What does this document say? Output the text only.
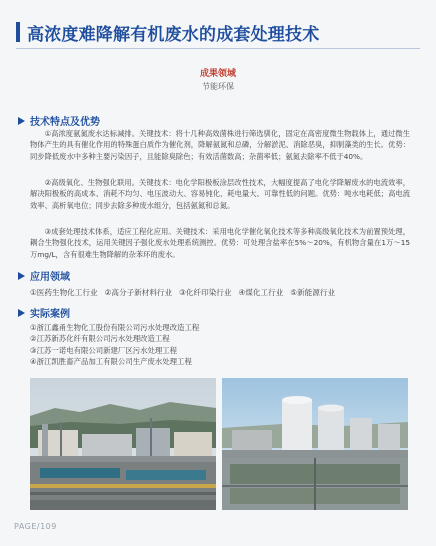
高浓度难降解有机废水的成套处理技术
成果领域
节能环保
技术特点及优势

①高浓度氨氮废水达标减排。关键技术：将十几种高效菌株进行筛选驯化，固定在高密度微生物载体上，通过微生物体产生的具有催化作用的特殊蛋白质作为催化剂，降解氨氮和总磷，分解淤泥、消除恶臭，抑制藻类的生长。优势：同步降低废水中多种主要污染因子，且能除臭除色；有效活菌数高；杂菌率低；氨氮去除率不低于40%。

②高级氧化、生物强化联用。关键技术：电化学阳极板涂层改性技术，大幅度提高了电化学降解废水的电流效率，解决阳极板的高成本、消耗不均匀、电压波动大、容易钝化、耗电量大、可靠性低的问题。优势：吨水电耗低；高电流效率、高析氧电位；同步去除多种废水组分，包括氨氮和总氮。

③成套处理技术体系，适应工程化应用。关键技术：采用电化学催化氧化技术等多种高级氧化技术为前置预处理，耦合生物强化技术，运用关键因子强化废水处理系统测控。优势：可处理含盐率在5%～20%，有机物含量在1万～15万mg/L，含有很难生物降解的杂苯环的废水。

应用领域
①医药生物化工行业 ②高分子新材料行业 ③化纤印染行业 ④煤化工行业 ⑤新能源行业
实际案例
①浙江鑫甬生物化工股份有限公司污水处理改造工程
②江苏新苏化纤有限公司污水处理改造工程
③江苏一诺电有限公司新建厂区污水处理工程
④浙江凯胜畜产品加工有限公司生产废水处理工程
PAGE/109
